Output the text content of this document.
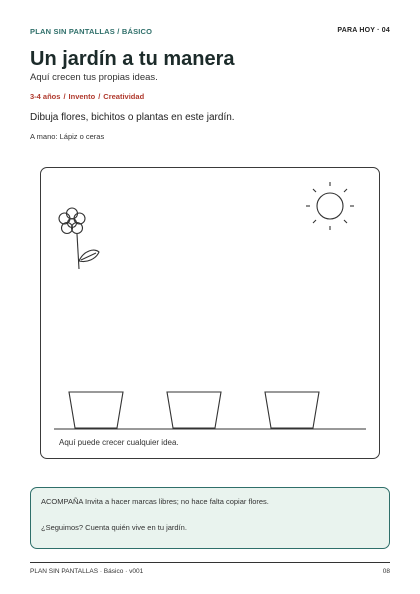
PLAN SIN PANTALLAS / BÁSICO	PARA HOY · 04
Un jardín a tu manera
Aquí crecen tus propias ideas.
3-4 años / Invento / Creatividad
Dibuja flores, bichitos o plantas en este jardín.
A mano: Lápiz o ceras
Aquí puede crecer cualquier idea.
ACOMPAÑA Invita a hacer marcas libres; no hace falta copiar flores.
¿Seguimos? Cuenta quién vive en tu jardín.
PLAN SIN PANTALLAS · Básico · v001	08
